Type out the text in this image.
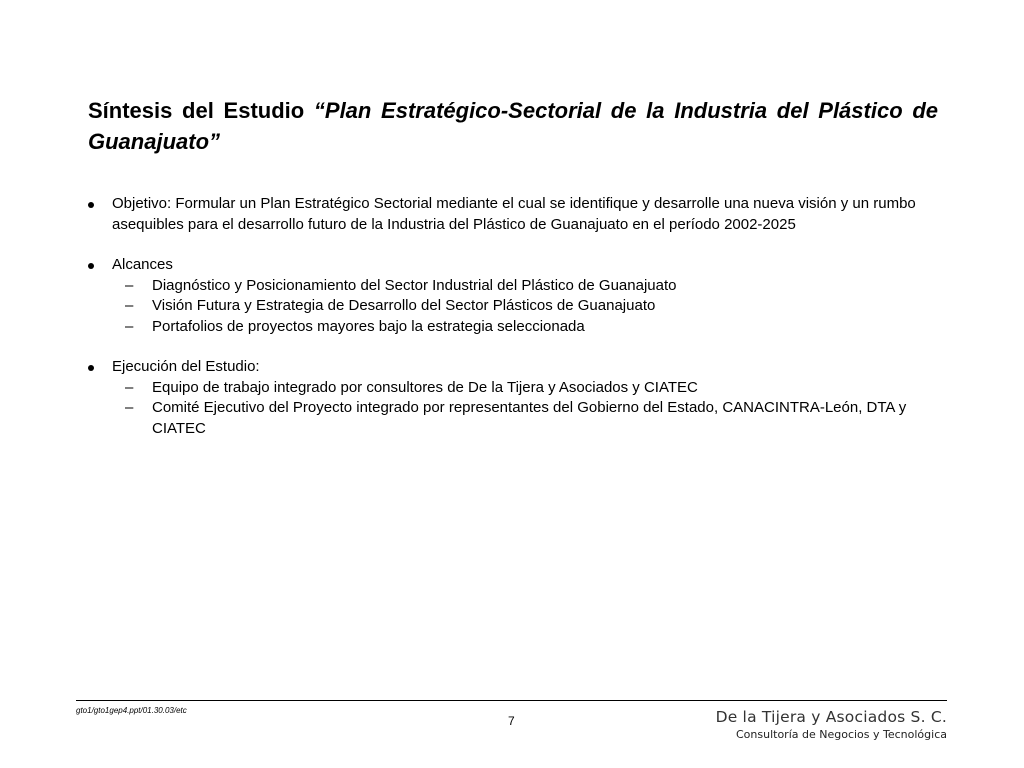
Síntesis del Estudio “Plan Estratégico-Sectorial de la Industria del Plástico de Guanajuato”
Objetivo: Formular un Plan Estratégico Sectorial mediante el cual se identifique y desarrolle una nueva visión y un rumbo asequibles para el desarrollo futuro de la Industria del Plástico de Guanajuato en el período 2002-2025
Alcances
– Diagnóstico y Posicionamiento del Sector Industrial del Plástico de Guanajuato
– Visión Futura y Estrategia de Desarrollo del Sector Plásticos de Guanajuato
– Portafolios de proyectos mayores bajo la estrategia seleccionada
Ejecución del Estudio:
– Equipo de trabajo integrado por consultores de De la Tijera y Asociados y CIATEC
– Comité Ejecutivo del Proyecto integrado por representantes del Gobierno del Estado, CANACINTRA-León, DTA y CIATEC
gto1/gto1gep4.ppt/01.30.03/etc
7	De la Tijera y Asociados S. C.
Consultoría de Negocios y Tecnológica
